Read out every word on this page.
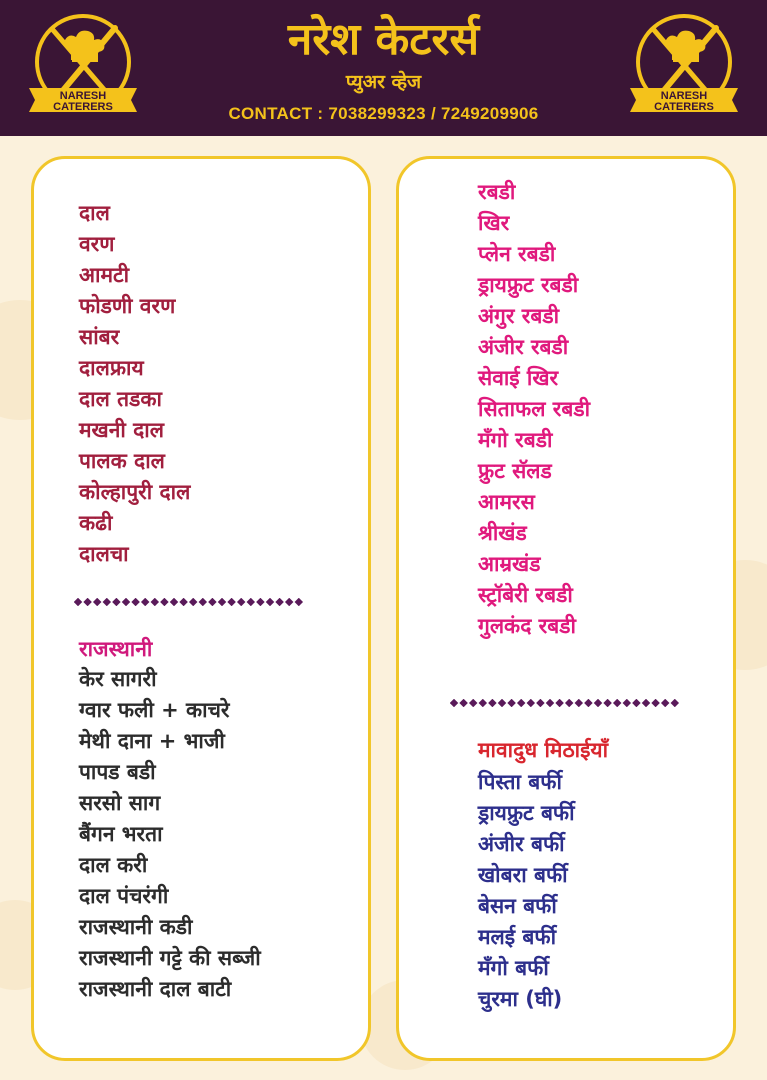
NARESH
CATERERS
नरेश केटरर्स
प्युअर व्हेज
CONTACT : 7038299323 / 7249209906
NARESH
CATERERS
दाल
वरण
आमटी
फोडणी वरण
सांबर
दालफ्राय
दाल तडका
मखनी दाल
पालक दाल
कोल्हापुरी दाल
कढी
दालचा
राजस्थानी
केर सागरी
ग्वार फली + काचरे
मेथी दाना + भाजी
पापड बडी
सरसो साग
बैंगन भरता
दाल करी
दाल पंचरंगी
राजस्थानी कडी
राजस्थानी गट्टे की सब्जी
राजस्थानी दाल बाटी
रबडी
खिर
प्लेन रबडी
ड्रायफ्रुट रबडी
अंगुर रबडी
अंजीर रबडी
सेवाई खिर
सिताफल रबडी
मँगो रबडी
फ्रुट सॅलड
आमरस
श्रीखंड
आम्रखंड
स्ट्रॉबेरी रबडी
गुलकंद रबडी
मावादुध मिठाईयाँ
पिस्ता बर्फी
ड्रायफ्रुट बर्फी
अंजीर बर्फी
खोबरा बर्फी
बेसन बर्फी
मलई बर्फी
मँगो बर्फी
चुरमा (घी)
